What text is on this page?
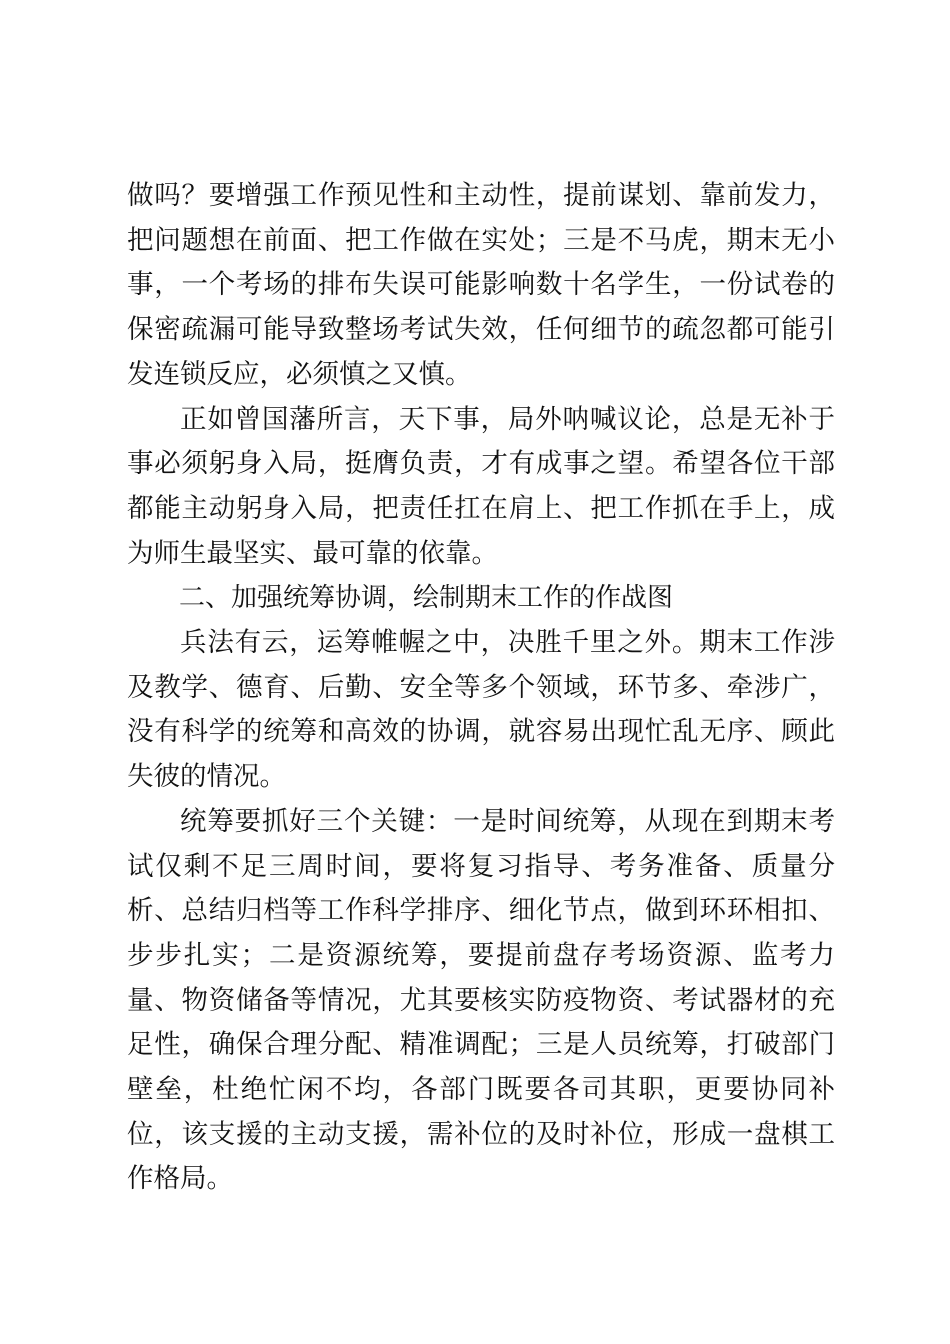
做吗？要增强工作预见性和主动性，提前谋划、靠前发力，把问题想在前面、把工作做在实处；三是不马虎，期末无小事，一个考场的排布失误可能影响数十名学生，一份试卷的保密疏漏可能导致整场考试失效，任何细节的疏忽都可能引发连锁反应，必须慎之又慎。

正如曾国藩所言，天下事，局外呐喊议论，总是无补于事必须躬身入局，挺膺负责，才有成事之望。希望各位干部都能主动躬身入局，把责任扛在肩上、把工作抓在手上，成为师生最坚实、最可靠的依靠。

二、加强统筹协调，绘制期末工作的作战图

兵法有云，运筹帷幄之中，决胜千里之外。期末工作涉及教学、德育、后勤、安全等多个领域，环节多、牵涉广，没有科学的统筹和高效的协调，就容易出现忙乱无序、顾此失彼的情况。

统筹要抓好三个关键：一是时间统筹，从现在到期末考试仅剩不足三周时间，要将复习指导、考务准备、质量分析、总结归档等工作科学排序、细化节点，做到环环相扣、步步扎实；二是资源统筹，要提前盘存考场资源、监考力量、物资储备等情况，尤其要核实防疫物资、考试器材的充足性，确保合理分配、精准调配；三是人员统筹，打破部门壁垒，杜绝忙闲不均，各部门既要各司其职，更要协同补位，该支援的主动支援，需补位的及时补位，形成一盘棋工作格局。
